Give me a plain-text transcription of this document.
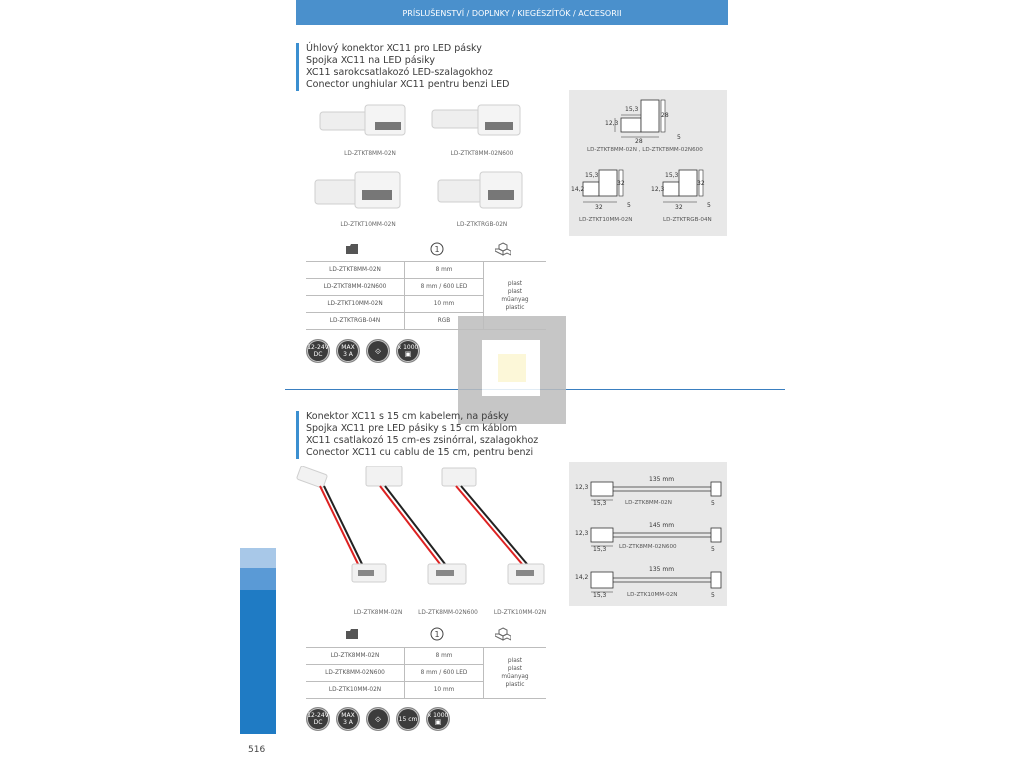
PRÍSLUŠENSTVÍ / DOPLNKY / KIEGÉSZÍTŐK / ACCESORII
Úhlový konektor XC11 pro LED pásky
Spojka XC11 na LED pásiky
XC11 sarokcsatlakozó LED-szalagokhoz
Conector unghiular XC11 pentru benzi LED
LD-ZTKT8MM-02N	LD-ZTKT8MM-02N600
LD-ZTKT10MM-02N	LD-ZTKTRGB-02N
1
LD-ZTKT8MM-02N	8 mm	plast
plast
műanyag
plastic

LD-ZTKT8MM-02N600	8 mm / 600 LED	
LD-ZTKT10MM-02N	10 mm	
LD-ZTKTRGB-04N	RGB	
12-24V
DC
MAX
3 A	⟐	x 1000
▣
15,3
28
28
12,3
5
LD-ZTKT8MM-02N , LD-ZTKT8MM-02N600
15,3
32
14,2
32
5
LD-ZTKT10MM-02N
15,3
32
12,3
32
5
LD-ZTKTRGB-04N
www.svetlamino.sk
Konektor XC11 s 15 cm kabelem, na pásky
Spojka XC11 pre LED pásiky s 15 cm káblom
XC11 csatlakozó 15 cm-es zsinórral, szalagokhoz
Conector XC11 cu cablu de 15 cm, pentru benzi
LD-ZTK8MM-02N	LD-ZTK8MM-02N600	LD-ZTK10MM-02N
1
LD-ZTK8MM-02N	8 mm	plast
plast
műanyag
plastic

LD-ZTK8MM-02N600	8 mm / 600 LED	
LD-ZTK10MM-02N	10 mm	
12-24V
DC
MAX
3 A	⟐	15 cm x 1000
▣
135 mm
12,3
15,3	5
LD-ZTK8MM-02N
145 mm
12,3
15,3	5
LD-ZTK8MM-02N600
135 mm
14,2
15,3	5
LD-ZTK10MM-02N
516
